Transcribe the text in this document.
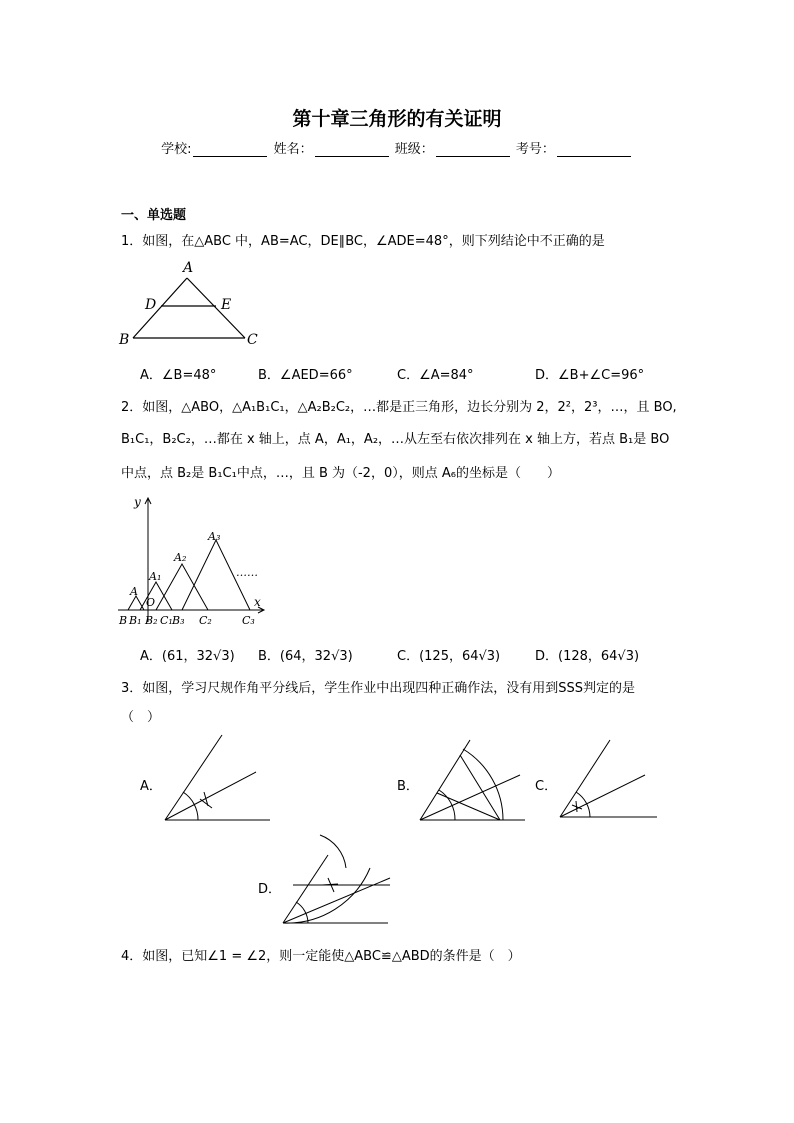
第十章三角形的有关证明
学校:	姓名：	班级：	考号：
一、单选题
1．如图，在△ABC 中，AB=AC，DE∥BC，∠ADE=48°，则下列结论中不正确的是
A
D	E
B	C
A．∠B=48°	B．∠AED=66°	C．∠A=84°	D．∠B+∠C=96°
2．如图，△ABO，△A₁B₁C₁，△A₂B₂C₂，…都是正三角形，边长分别为 2，2²，2³，…，且 BO,
B₁C₁，B₂C₂，…都在 x 轴上，点 A，A₁，A₂，…从左至右依次排列在 x 轴上方，若点 B₁是 BO
中点，点 B₂是 B₁C₁中点，…，且 B 为（-2，0），则点 A₆的坐标是（　　）
y
x
A
A₁
A₂
A₃
O
……
B B₁ B₂ C₁ B₃ C₂	C₃
A．(61，32√3) B．(64，32√3)	C．(125，64√3)	D．(128，64√3)
3．如图，学习尺规作角平分线后，学生作业中出现四种正确作法，没有用到SSS判定的是
（　）
A．	B．	C．
D．
4．如图，已知∠1 = ∠2，则一定能使△ABC≌△ABD的条件是（　）
